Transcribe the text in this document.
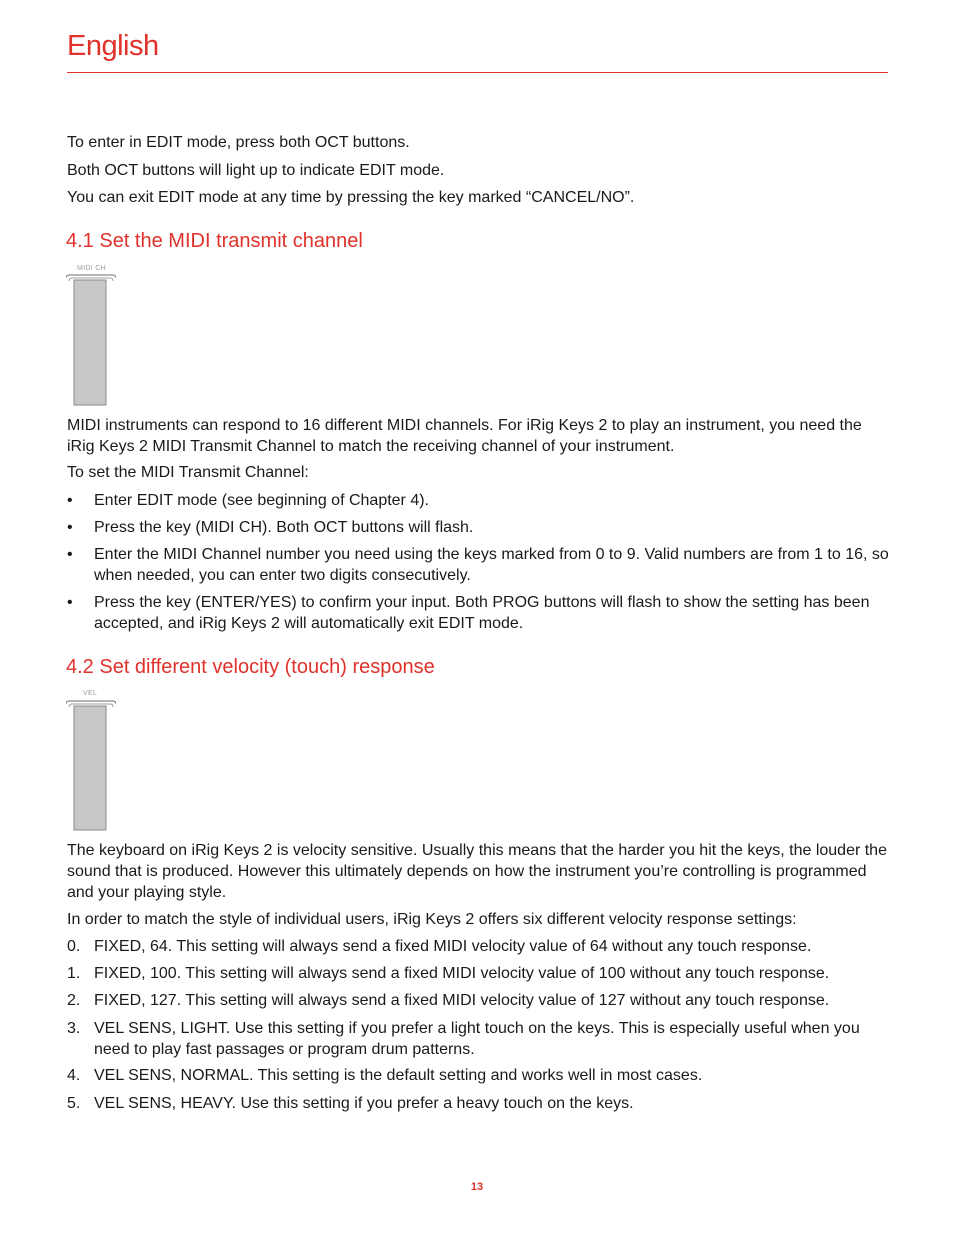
English

To enter in EDIT mode, press both OCT buttons.

Both OCT buttons will light up to indicate EDIT mode.

You can exit EDIT mode at any time by pressing the key marked “CANCEL/NO”.

4.1 Set the MIDI transmit channel
MIDI CH

MIDI instruments can respond to 16 different MIDI channels. For iRig Keys 2 to play an instrument, you need the iRig Keys 2 MIDI Transmit Channel to match the receiving channel of your instrument.

To set the MIDI Transmit Channel:

• Enter EDIT mode (see beginning of Chapter 4).
• Press the key (MIDI CH). Both OCT buttons will flash.
• Enter the MIDI Channel number you need using the keys marked from 0 to 9. Valid numbers are from 1 to 16, so when needed, you can enter two digits consecutively.
• Press the key (ENTER/YES) to confirm your input. Both PROG buttons will flash to show the setting has been accepted, and iRig Keys 2 will automatically exit EDIT mode.
4.2 Set different velocity (touch) response
VEL

The keyboard on iRig Keys 2 is velocity sensitive. Usually this means that the harder you hit the keys, the louder the sound that is produced. However this ultimately depends on how the instrument you’re controlling is programmed and your playing style.

In order to match the style of individual users, iRig Keys 2 offers six different velocity response settings:

0. FIXED, 64. This setting will always send a fixed MIDI velocity value of 64 without any touch response.
1. FIXED, 100. This setting will always send a fixed MIDI velocity value of 100 without any touch response.
2. FIXED, 127. This setting will always send a fixed MIDI velocity value of 127 without any touch response.
3. VEL SENS, LIGHT. Use this setting if you prefer a light touch on the keys. This is especially useful when you need to play fast passages or program drum patterns.
4. VEL SENS, NORMAL. This setting is the default setting and works well in most cases.
5. VEL SENS, HEAVY. Use this setting if you prefer a heavy touch on the keys.
13
